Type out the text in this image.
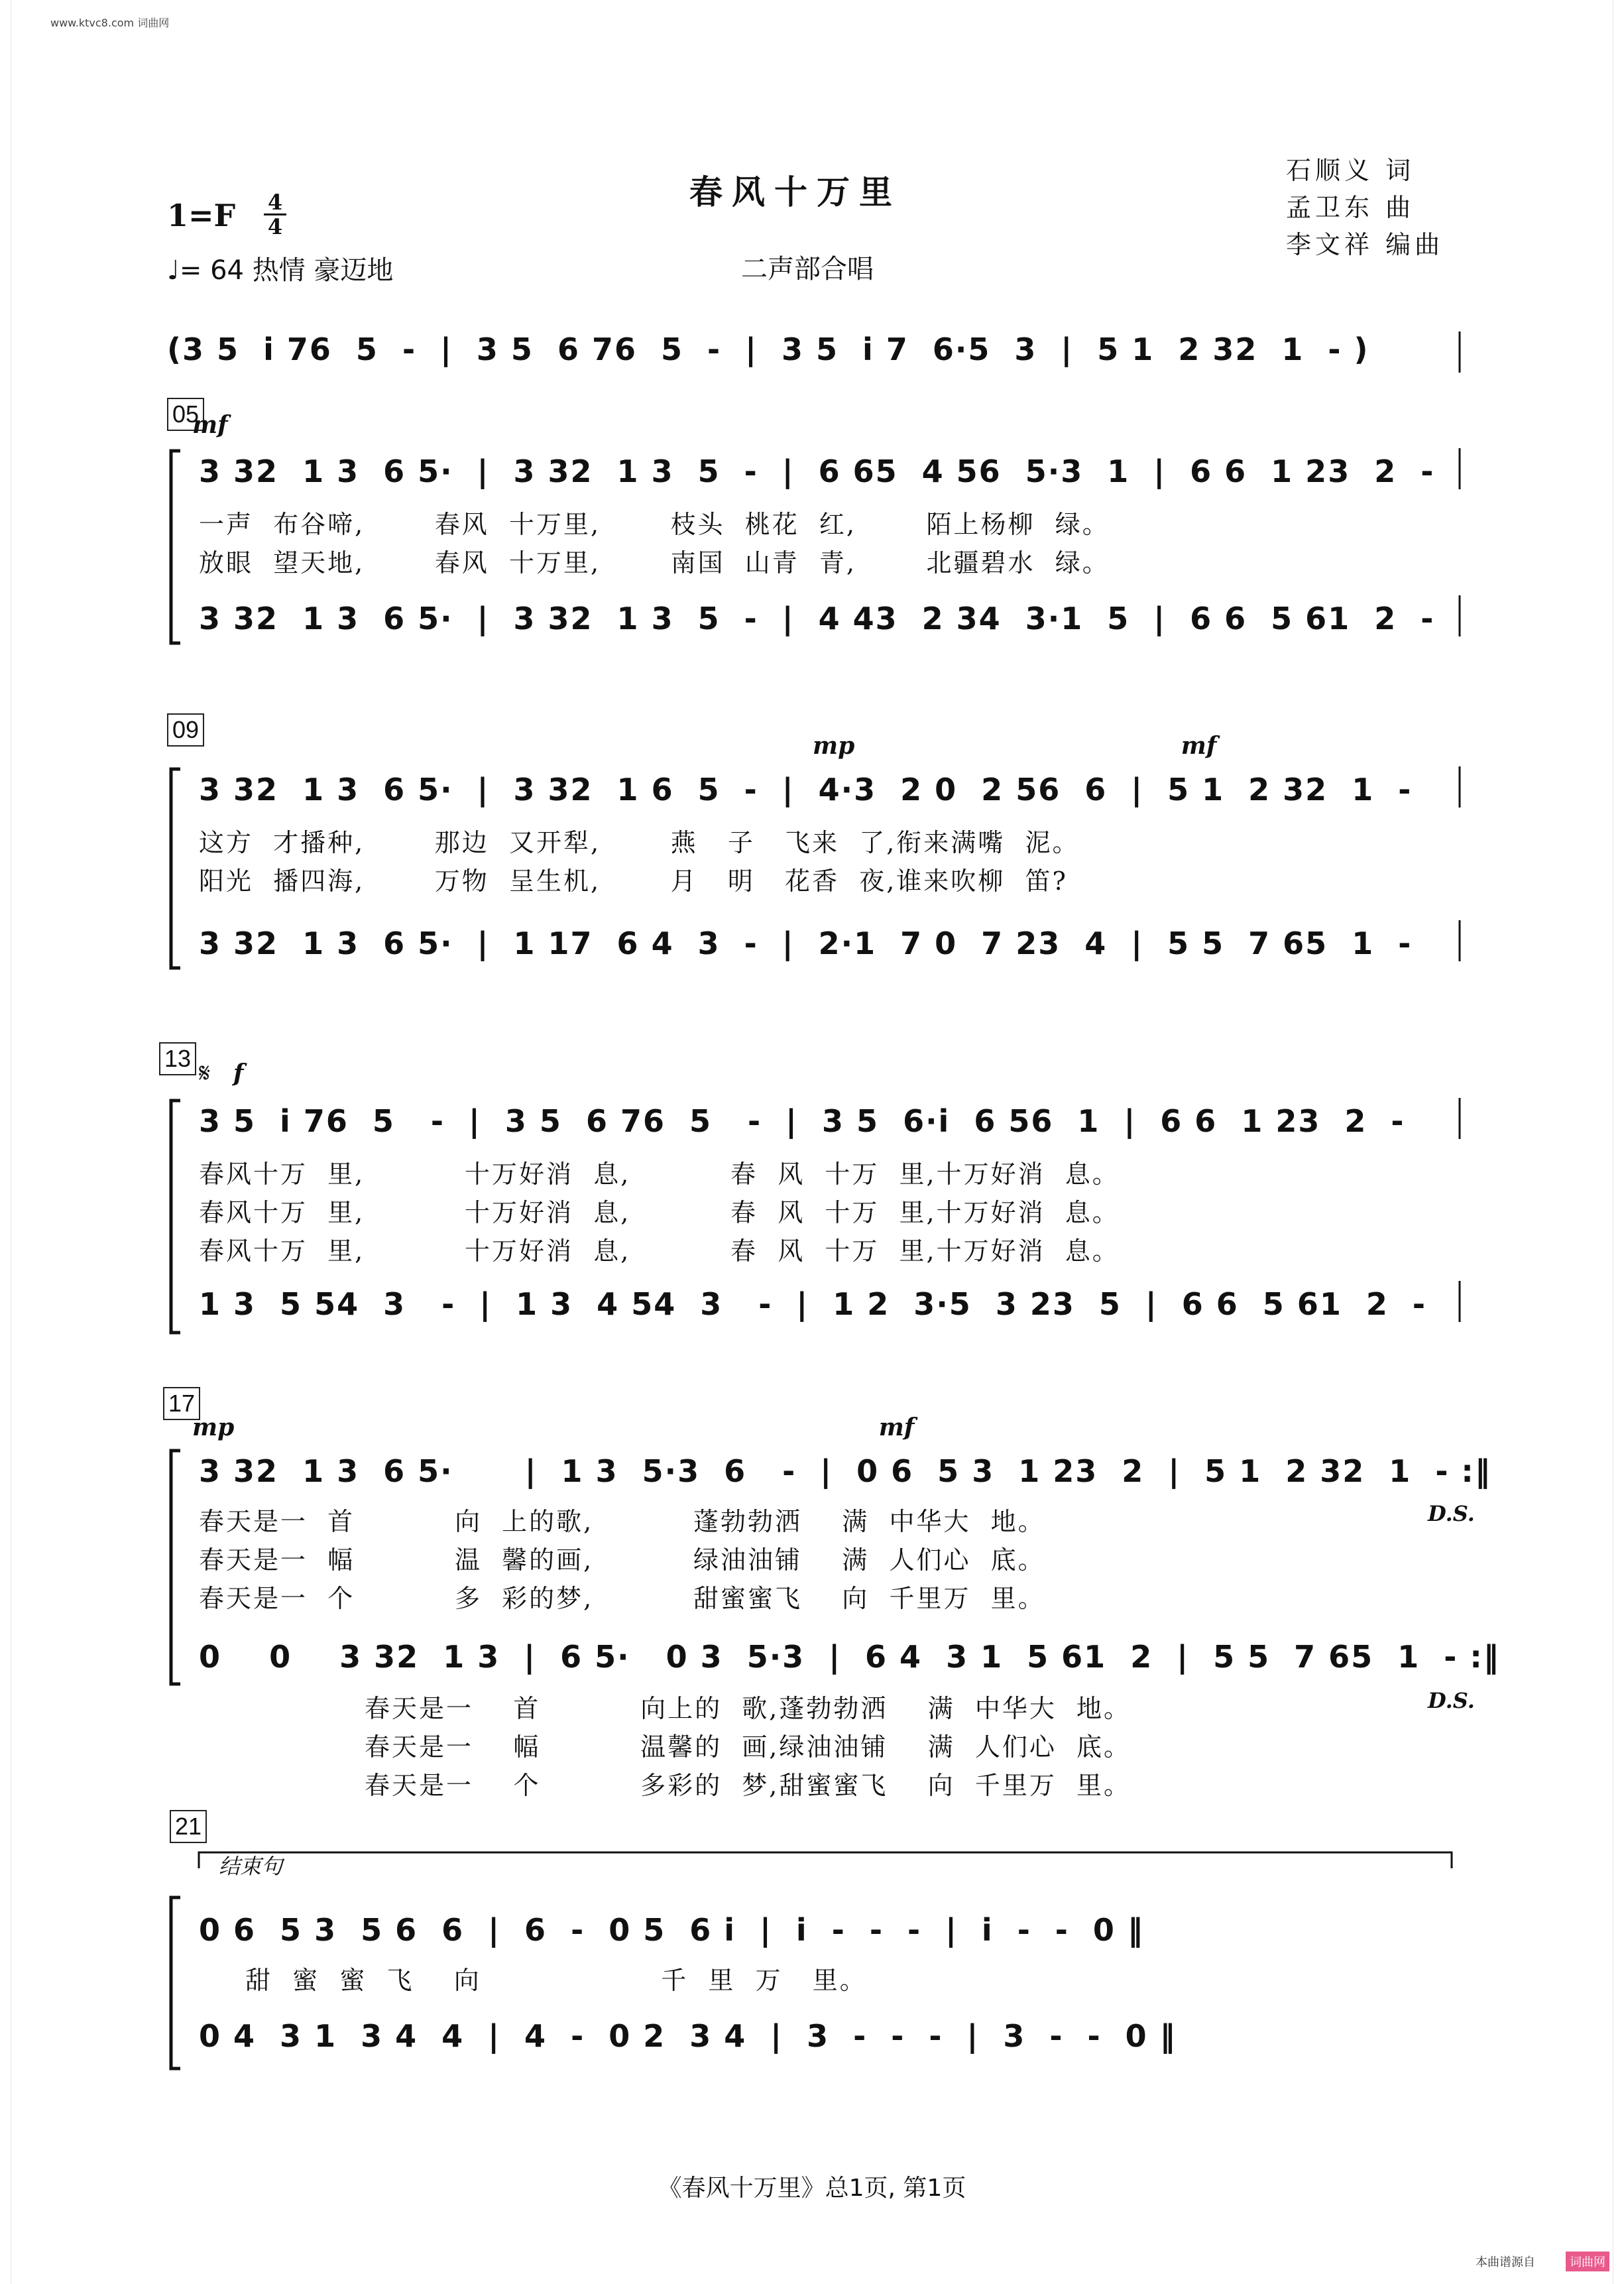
www.ktvc8.com 词曲网
春风十万里
石顺义 词
孟卫东 曲
李文祥 编曲
1=F 4
4
♩= 64 热情 豪迈地	二声部合唱
(3 5  i 76  5  -  |  3 5  6 76  5  -  |  3 5  i 7  6·5  3  |  5 1  2 32  1  - )
05
mf
3 32  1 3  6 5·  |  3 32  1 3  5  -  |  6 65  4 56  5·3  1  |  6 6  1 23  2  -
一声  布谷啼,       春风  十万里,       枝头  桃花  红,       陌上杨柳  绿。
放眼  望天地,       春风  十万里,       南国  山青  青,       北疆碧水  绿。
3 32  1 3  6 5·  |  3 32  1 3  5  -  |  4 43  2 34  3·1  5  |  6 6  5 61  2  -
09
mp mf
3 32  1 3  6 5·  |  3 32  1 6  5  -  |  4·3  2 0  2 56  6  |  5 1  2 32  1  -
这方  才播种,       那边  又开犁,       燕   子   飞来  了,衔来满嘴  泥。
阳光  播四海,       万物  呈生机,       月   明   花香  夜,谁来吹柳  笛?
3 32  1 3  6 5·  |  1 17  6 4  3  -  |  2·1  7 0  7 23  4  |  5 5  7 65  1  -
13 𝄋 f
3 5  i 76  5   -  |  3 5  6 76  5   -  |  3 5  6·i  6 56  1  |  6 6  1 23  2  -
春风十万  里,          十万好消  息,          春  风  十万  里,十万好消  息。
春风十万  里,          十万好消  息,          春  风  十万  里,十万好消  息。
春风十万  里,          十万好消  息,          春  风  十万  里,十万好消  息。
1 3  5 54  3   -  |  1 3  4 54  3   -  |  1 2  3·5  3 23  5  |  6 6  5 61  2  -
17
mp mf
3 32  1 3  6 5·      |  1 3  5·3  6   -  |  0 6  5 3  1 23  2  |  5 1  2 32  1  - :‖
D.S.
春天是一  首          向  上的歌,          蓬勃勃洒    满  中华大  地。
春天是一  幅          温  馨的画,          绿油油铺    满  人们心  底。
春天是一  个          多  彩的梦,          甜蜜蜜飞    向  千里万  里。
0    0    3 32  1 3  |  6 5·   0 3  5·3  |  6 4  3 1  5 61  2  |  5 5  7 65  1  - :‖
D.S.
春天是一    首          向上的  歌,蓬勃勃洒    满  中华大  地。
春天是一    幅          温馨的  画,绿油油铺    满  人们心  底。
春天是一    个          多彩的  梦,甜蜜蜜飞    向  千里万  里。
21
结束句
0 6  5 3  5 6  6  |  6  -  0 5  6 i  |  i  -  -  -  |  i  -  -  0 ‖
甜  蜜  蜜  飞    向                  千  里  万   里。
0 4  3 1  3 4  4  |  4  -  0 2  3 4  |  3  -  -  -  |  3  -  -  0 ‖
《春风十万里》总1页, 第1页
本曲谱源自	词曲网
